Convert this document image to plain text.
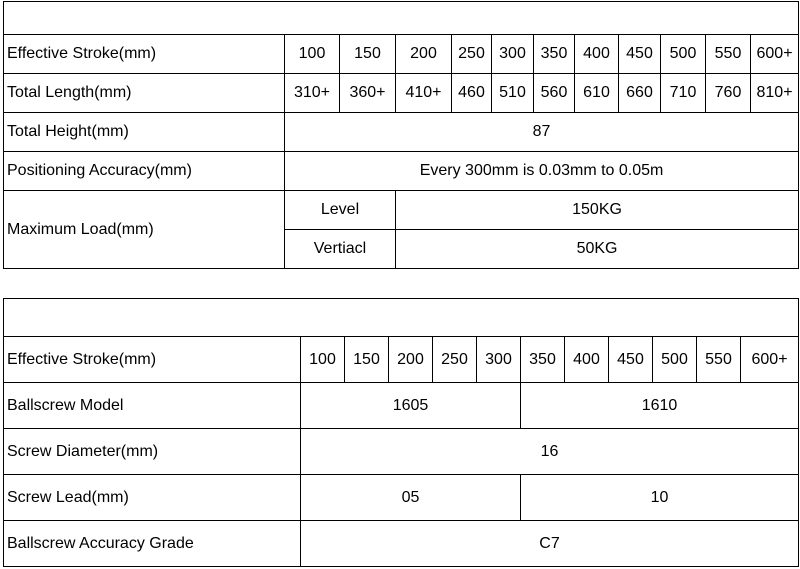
Effective Stroke(mm)	100	150	200	250	300	350	400	450	500	550	600+
Total Length(mm)	310+	360+	410+	460	510	560	610	660	710	760	810+
Total Height(mm)	87										
Positioning Accuracy(mm)	Every 300mm is 0.03mm to 0.05m										
Maximum Load(mm)	Level		150KG								
	Vertiacl		50KG								

Effective Stroke(mm)	100	150	200	250	300	350	400	450	500	550	600+
Ballscrew Model	1605					1610					
Screw Diameter(mm)	16										
Screw Lead(mm)	05					10					
Ballscrew Accuracy Grade	C7										
